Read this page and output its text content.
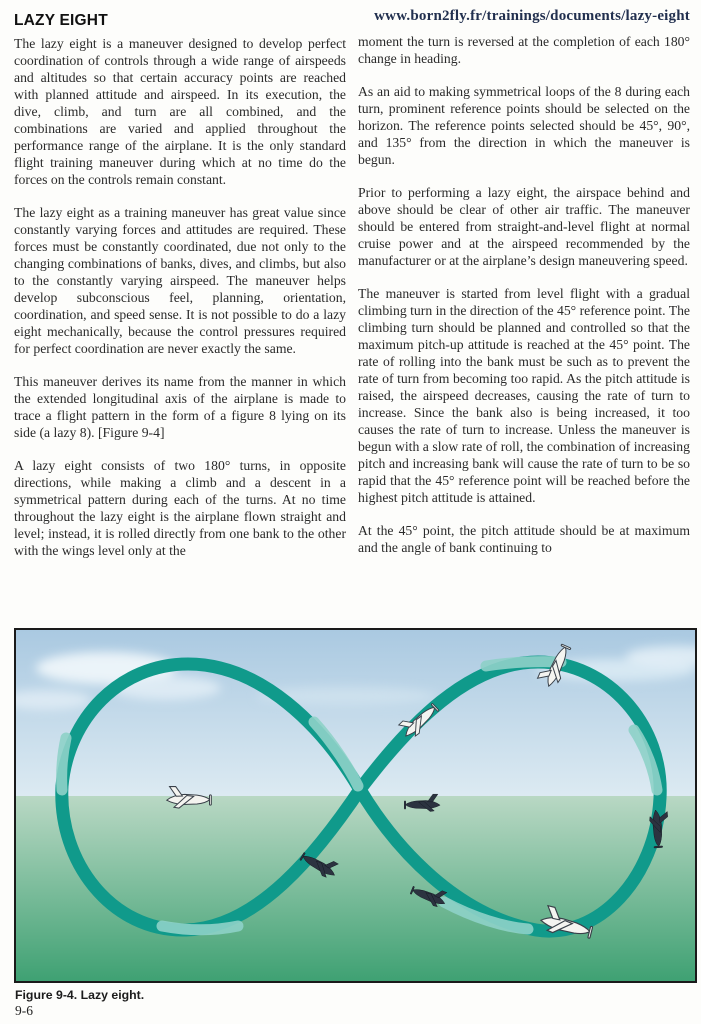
www.born2fly.fr/trainings/documents/lazy-eight
LAZY EIGHT

The lazy eight is a maneuver designed to develop perfect coordination of controls through a wide range of airspeeds and altitudes so that certain accuracy points are reached with planned attitude and airspeed. In its execution, the dive, climb, and turn are all combined, and the combinations are varied and applied throughout the performance range of the airplane. It is the only standard flight training maneuver during which at no time do the forces on the controls remain constant.

The lazy eight as a training maneuver has great value since constantly varying forces and attitudes are required. These forces must be constantly coordinated, due not only to the changing combinations of banks, dives, and climbs, but also to the constantly varying airspeed. The maneuver helps develop subconscious feel, planning, orientation, coordination, and speed sense. It is not possible to do a lazy eight mechanically, because the control pressures required for perfect coordination are never exactly the same.

This maneuver derives its name from the manner in which the extended longitudinal axis of the airplane is made to trace a flight pattern in the form of a figure 8 lying on its side (a lazy 8). [Figure 9-4]

A lazy eight consists of two 180° turns, in opposite directions, while making a climb and a descent in a symmetrical pattern during each of the turns. At no time throughout the lazy eight is the airplane flown straight and level; instead, it is rolled directly from one bank to the other with the wings level only at the

moment the turn is reversed at the completion of each 180° change in heading.

As an aid to making symmetrical loops of the 8 during each turn, prominent reference points should be selected on the horizon. The reference points selected should be 45°, 90°, and 135° from the direction in which the maneuver is begun.

Prior to performing a lazy eight, the airspace behind and above should be clear of other air traffic. The maneuver should be entered from straight-and-level flight at normal cruise power and at the airspeed recommended by the manufacturer or at the airplane’s design maneuvering speed.

The maneuver is started from level flight with a gradual climbing turn in the direction of the 45° reference point. The climbing turn should be planned and controlled so that the maximum pitch-up attitude is reached at the 45° point. The rate of rolling into the bank must be such as to prevent the rate of turn from becoming too rapid. As the pitch attitude is raised, the airspeed decreases, causing the rate of turn to increase. Since the bank also is being increased, it too causes the rate of turn to increase. Unless the maneuver is begun with a slow rate of roll, the combination of increasing pitch and increasing bank will cause the rate of turn to be so rapid that the 45° reference point will be reached before the highest pitch attitude is attained.

At the 45° point, the pitch attitude should be at maximum and the angle of bank continuing to

Figure 9-4. Lazy eight.
9-6
